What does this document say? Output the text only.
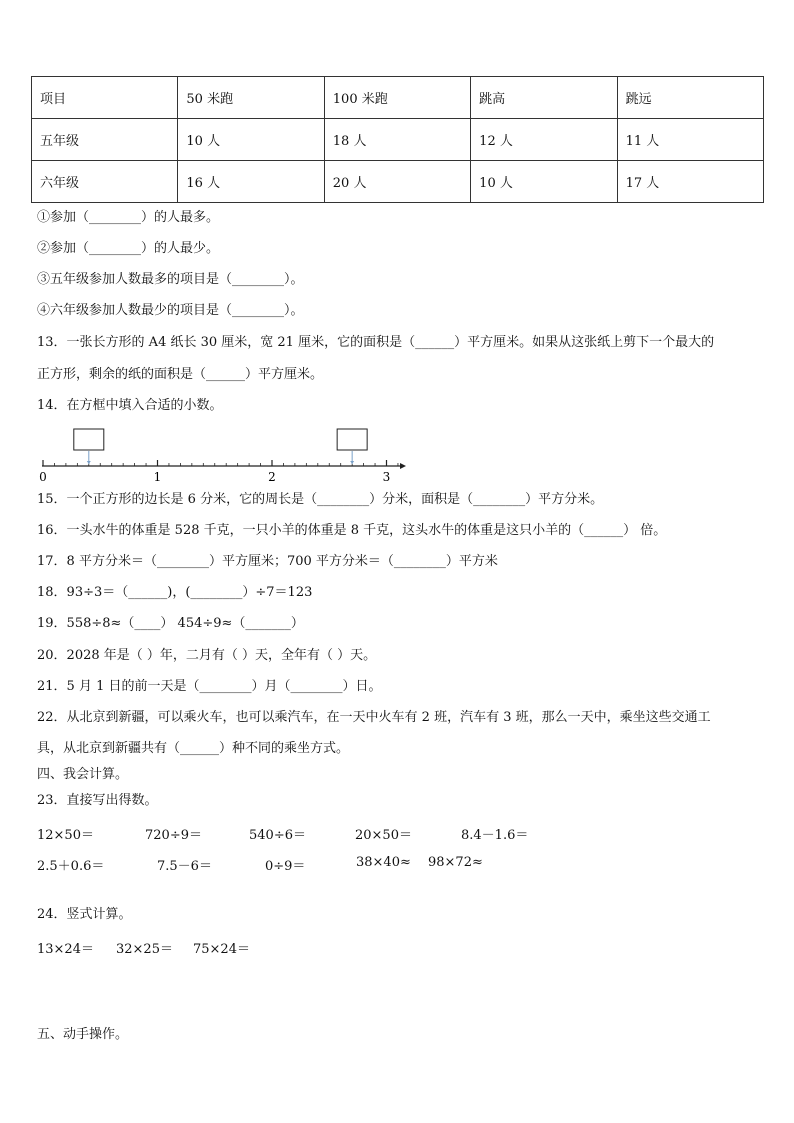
项目	50 米跑	100 米跑	跳高	跳远
五年级	10 人	18 人	12 人	11 人
六年级	16 人	20 人	10 人	17 人
①参加（________）的人最多。
②参加（________）的人最少。
③五年级参加人数最多的项目是（________）。
④六年级参加人数最少的项目是（________）。
13．一张长方形的 A4 纸长 30 厘米，宽 21 厘米，它的面积是（______）平方厘米。如果从这张纸上剪下一个最大的
正方形，剩余的纸的面积是（______）平方厘米。
14．在方框中填入合适的小数。
0	1	2	3
15．一个正方形的边长是 6 分米，它的周长是（________）分米，面积是（________）平方分米。
16．一头水牛的体重是 528 千克，一只小羊的体重是 8 千克，这头水牛的体重是这只小羊的（______） 倍。
17．8 平方分米＝（________）平方厘米；700 平方分米＝（________）平方米
18．93÷3＝（______)，(________）÷7＝123
19．558÷8≈（____） 454÷9≈（_______）
20．2028 年是（ ）年，二月有（ ）天，全年有（ ）天。
21．5 月 1 日的前一天是（________）月（________）日。
22．从北京到新疆，可以乘火车，也可以乘汽车，在一天中火车有 2 班，汽车有 3 班，那么一天中，乘坐这些交通工
具，从北京到新疆共有（______）种不同的乘坐方式。
四、我会计算。
23．直接写出得数。
12×50＝	720÷9＝	540÷6＝	20×50＝	8.4－1.6＝
2.5＋0.6＝	7.5－6＝	0÷9＝	38×40≈ 98×72≈
24．竖式计算。
13×24＝ 32×25＝ 75×24＝
五、动手操作。
